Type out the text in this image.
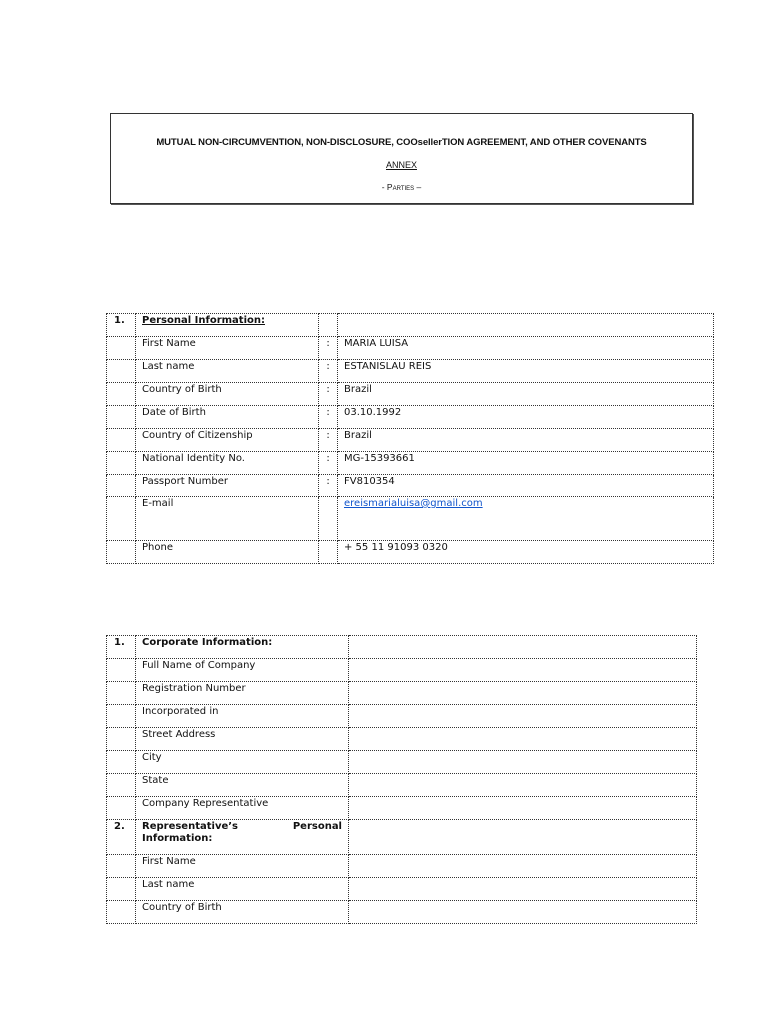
MUTUAL NON-CIRCUMVENTION, NON-DISCLOSURE, COOsellerTION AGREEMENT, AND OTHER COVENANTS
ANNEX
- Parties –
1.	Personal Information:		
	First Name	:	MARIA LUISA
	Last name	:	ESTANISLAU REIS
	Country of Birth	:	Brazil
	Date of Birth	:	03.10.1992
	Country of Citizenship	:	Brazil
	National Identity No.	:	MG-15393661
	Passport Number	:	FV810354
	E-mail		ereismarialuisa@gmail.com
	Phone		+ 55 11 91093 0320
1.	Corporate Information:	
	Full Name of Company	
	Registration Number	
	Incorporated in	
	Street Address	
	City	
	State	
	Company Representative	
2.	Representative’s Personal
Information:	

	First Name	
	Last name	
	Country of Birth	
